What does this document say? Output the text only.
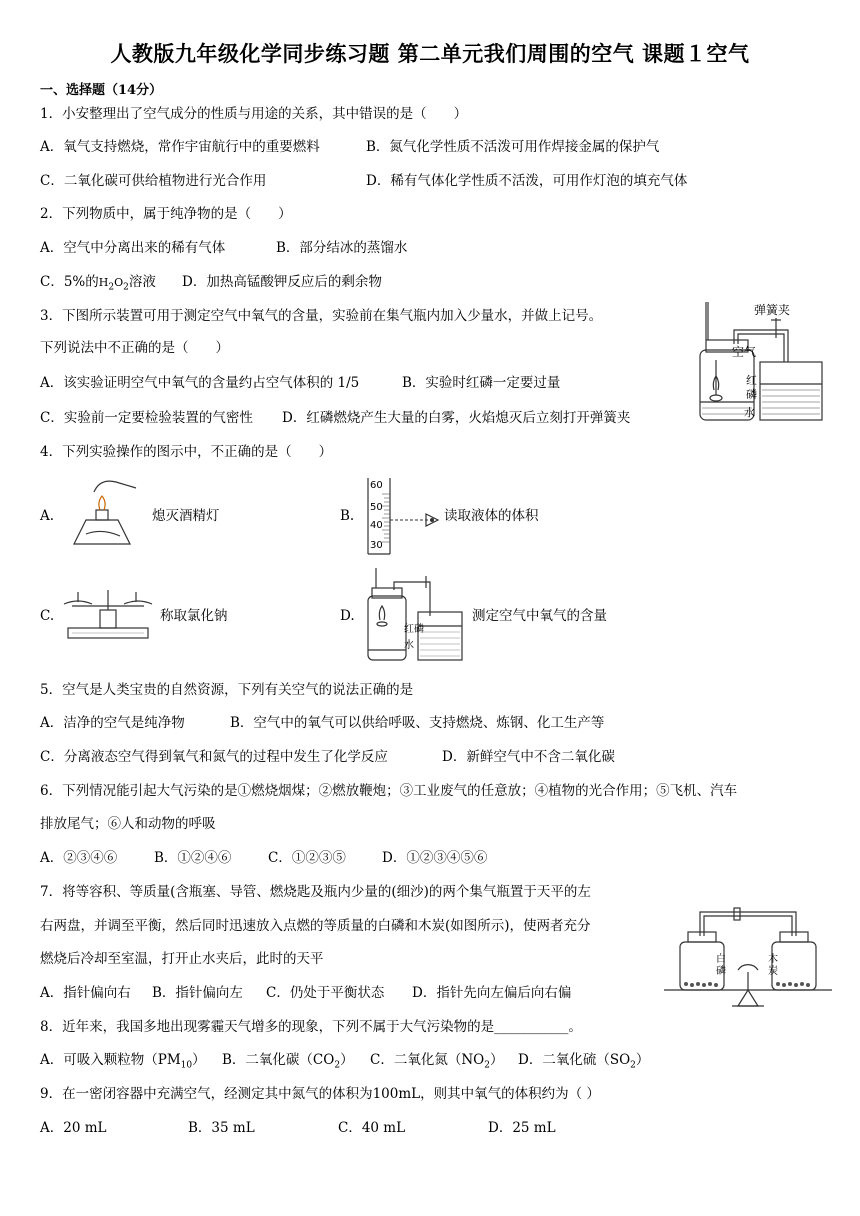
人教版九年级化学同步练习题 第二单元我们周围的空气 课题１空气
一、选择题（14分）
1．小安整理出了空气成分的性质与用途的关系，其中错误的是（　　）
A．氧气支持燃烧，常作宇宙航行中的重要燃料	B．氮气化学性质不活泼可用作焊接金属的保护气
C．二氧化碳可供给植物进行光合作用	D．稀有气体化学性质不活泼，可用作灯泡的填充气体
2．下列物质中，属于纯净物的是（　　）
A．空气中分离出来的稀有气体	B．部分结冰的蒸馏水
C．5%的$H_2O_2$溶液 D．加热高锰酸钾反应后的剩余物
3．下图所示装置可用于测定空气中氧气的含量，实验前在集气瓶内加入少量水，并做上记号。
下列说法中不正确的是（　　）
A．该实验证明空气中氧气的含量约占空气体积的 1/5	B．实验时红磷一定要过量
C．实验前一定要检验装置的气密性 D．红磷燃烧产生大量的白雾，火焰熄灭后立刻打开弹簧夹
弹簧夹
空气
红
磷
水
4．下列实验操作的图示中，不正确的是（　　）
A.	熄灭酒精灯	B.
60
50
40
30
读取液体的体积
C.	称取氯化钠	D.
红磷
水
测定空气中氧气的含量
5．空气是人类宝贵的自然资源，下列有关空气的说法正确的是
A．洁净的空气是纯净物	B．空气中的氧气可以供给呼吸、支持燃烧、炼钢、化工生产等
C．分离液态空气得到氧气和氮气的过程中发生了化学反应	D．新鲜空气中不含二氧化碳
6．下列情况能引起大气污染的是①燃烧烟煤；②燃放鞭炮；③工业废气的任意放；④植物的光合作用；⑤飞机、汽车
排放尾气；⑥人和动物的呼吸
A．②③④⑥	B．①②④⑥	C．①②③⑤	D．①②③④⑤⑥
7．将等容积、等质量(含瓶塞、导管、燃烧匙及瓶内少量的(细沙)的两个集气瓶置于天平的左
右两盘，并调至平衡，然后同时迅速放入点燃的等质量的白磷和木炭(如图所示)，使两者充分
燃烧后冷却至室温，打开止水夹后，此时的天平
A．指针偏向右 B．指针偏向左 C．仍处于平衡状态 D．指针先向左偏后向右偏
白
磷
木
炭
8．近年来，我国多地出现雾霾天气增多的现象，下列不属于大气污染物的是___________。
A．可吸入颗粒物$(PM_{10})$ B．二氧化碳$(CO_2)$ C．二氧化氮$(NO_2)$ D．二氧化硫$(SO_2)$
9．在一密闭容器中充满空气，经测定其中氮气的体积为100mL，则其中氧气的体积约为（ ）
A．20 mL	B．35 mL	C．40 mL	D．25 mL
